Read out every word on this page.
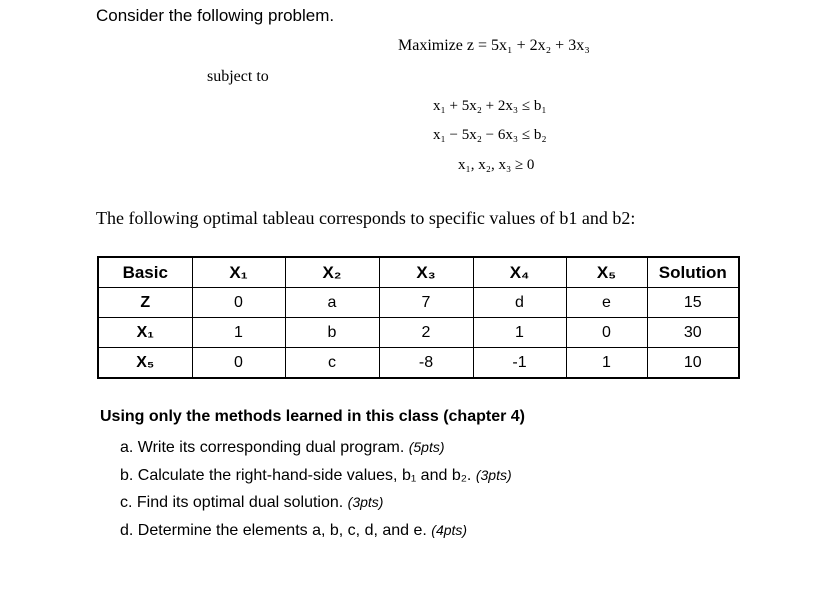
Consider the following problem.
Maximize z = 5x₁ + 2x₂ + 3x₃
subject to
x₁ + 5x₂ + 2x₃ ≤ b₁
x₁ − 5x₂ − 6x₃ ≤ b₂
x₁, x₂, x₃ ≥ 0
The following optimal tableau corresponds to specific values of b1 and b2:
Basic	X₁	X₂	X₃	X₄	X₅	Solution
Z	0	a	7	d	e	15
X₁	1	b	2	1	0	30
X₅	0	c	-8	-1	1	10
Using only the methods learned in this class (chapter 4)
a. Write its corresponding dual program. (5pts)
b. Calculate the right-hand-side values, b₁ and b₂. (3pts)
c. Find its optimal dual solution. (3pts)
d. Determine the elements a, b, c, d, and e. (4pts)
